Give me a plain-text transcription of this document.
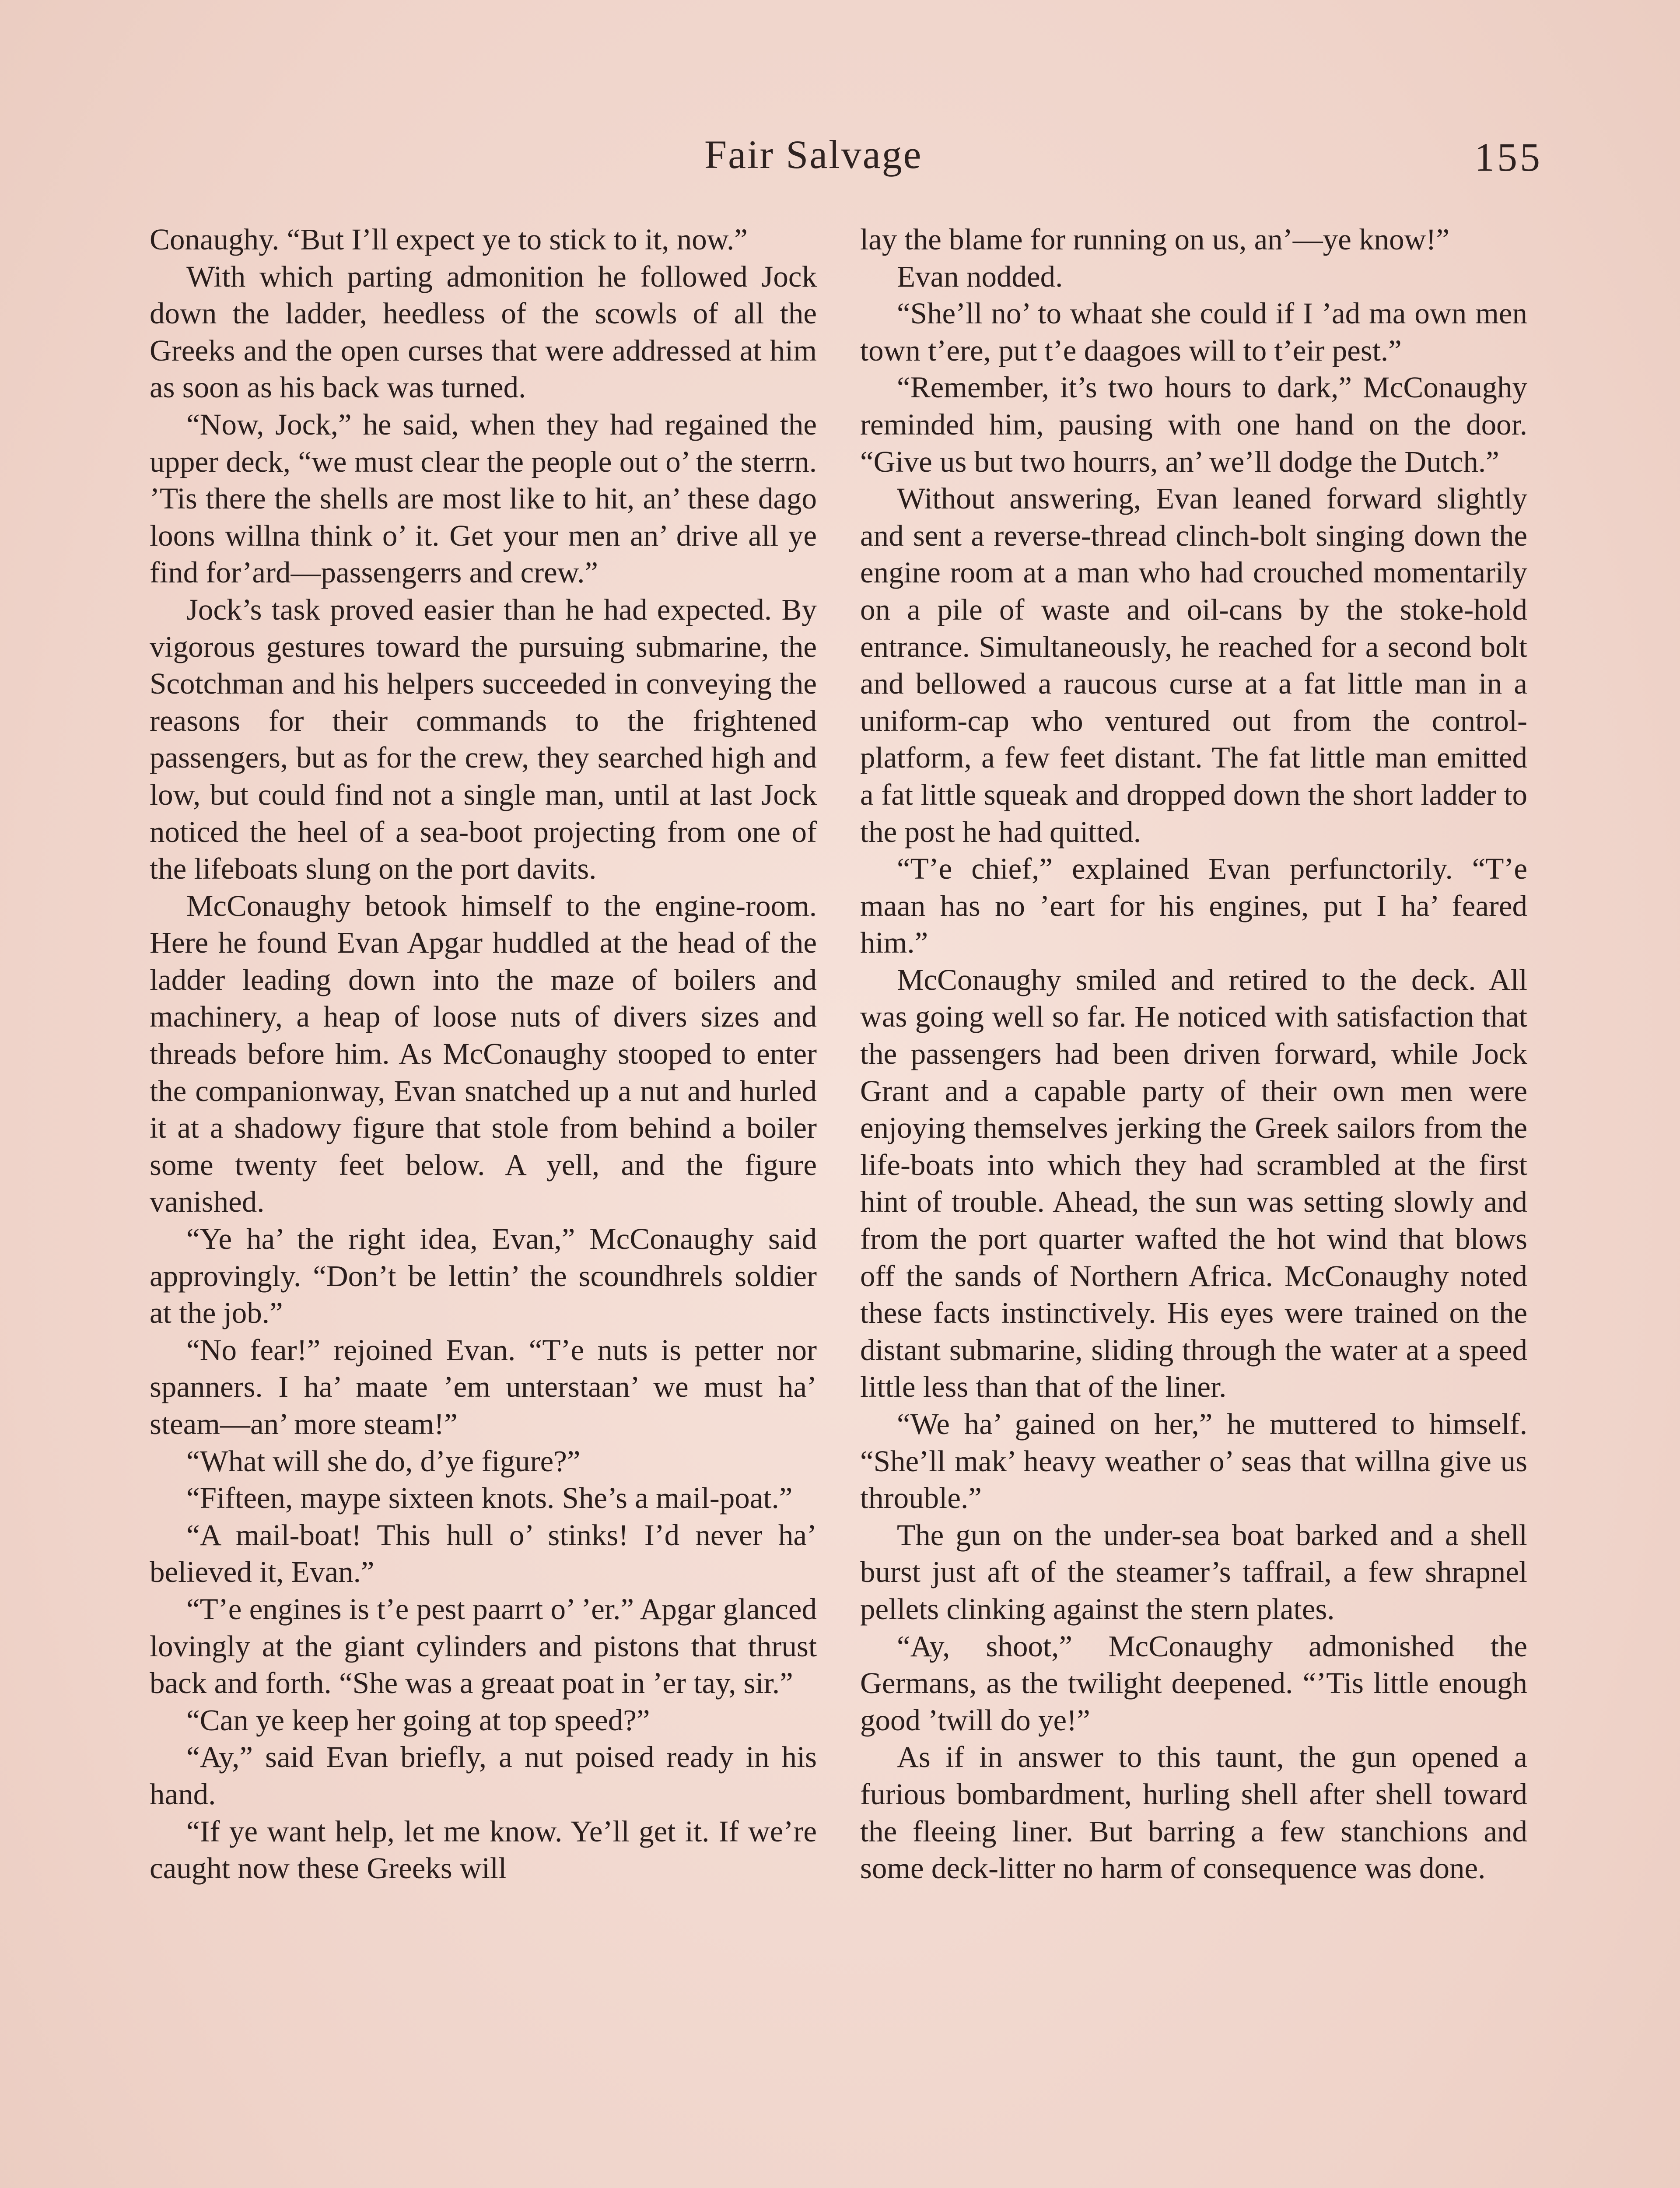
Fair Salvage	155

Conaughy. “But I’ll expect ye to stick to it, now.”

With which parting admonition he followed Jock down the ladder, heedless of the scowls of all the Greeks and the open curses that were addressed at him as soon as his back was turned.

“Now, Jock,” he said, when they had regained the upper deck, “we must clear the people out o’ the sterrn. ’Tis there the shells are most like to hit, an’ these dago loons willna think o’ it. Get your men an’ drive all ye find for’ard—passengerrs and crew.”

Jock’s task proved easier than he had expected. By vigorous gestures toward the pursuing submarine, the Scotchman and his helpers succeeded in conveying the reasons for their commands to the frightened passengers, but as for the crew, they searched high and low, but could find not a single man, until at last Jock noticed the heel of a sea-boot projecting from one of the lifeboats slung on the port davits.

McConaughy betook himself to the engine-room. Here he found Evan Apgar huddled at the head of the ladder leading down into the maze of boilers and machinery, a heap of loose nuts of divers sizes and threads before him. As McConaughy stooped to enter the companionway, Evan snatched up a nut and hurled it at a shadowy figure that stole from behind a boiler some twenty feet below. A yell, and the figure vanished.

“Ye ha’ the right idea, Evan,” McConaughy said approvingly. “Don’t be lettin’ the scoundhrels soldier at the job.”

“No fear!” rejoined Evan. “T’e nuts is petter nor spanners. I ha’ maate ’em unterstaan’ we must ha’ steam—an’ more steam!”

“What will she do, d’ye figure?”

“Fifteen, maype sixteen knots. She’s a mail-poat.”

“A mail-boat! This hull o’ stinks! I’d never ha’ believed it, Evan.”

“T’e engines is t’e pest paarrt o’ ’er.” Apgar glanced lovingly at the giant cylinders and pistons that thrust back and forth. “She was a greaat poat in ’er tay, sir.”

“Can ye keep her going at top speed?”

“Ay,” said Evan briefly, a nut poised ready in his hand.

“If ye want help, let me know. Ye’ll get it. If we’re caught now these Greeks will

lay the blame for running on us, an’—ye know!”

Evan nodded.

“She’ll no’ to whaat she could if I ’ad ma own men town t’ere, put t’e daagoes will to t’eir pest.”

“Remember, it’s two hours to dark,” McConaughy reminded him, pausing with one hand on the door. “Give us but two hourrs, an’ we’ll dodge the Dutch.”

Without answering, Evan leaned forward slightly and sent a reverse-thread clinch-bolt singing down the engine room at a man who had crouched momentarily on a pile of waste and oil-cans by the stoke-hold entrance. Simultaneously, he reached for a second bolt and bellowed a raucous curse at a fat little man in a uniform-cap who ventured out from the control-platform, a few feet distant. The fat little man emitted a fat little squeak and dropped down the short ladder to the post he had quitted.

“T’e chief,” explained Evan perfunctorily. “T’e maan has no ’eart for his engines, put I ha’ feared him.”

McConaughy smiled and retired to the deck. All was going well so far. He noticed with satisfaction that the passengers had been driven forward, while Jock Grant and a capable party of their own men were enjoying themselves jerking the Greek sailors from the life-boats into which they had scrambled at the first hint of trouble. Ahead, the sun was setting slowly and from the port quarter wafted the hot wind that blows off the sands of Northern Africa. McConaughy noted these facts instinctively. His eyes were trained on the distant submarine, sliding through the water at a speed little less than that of the liner.

“We ha’ gained on her,” he muttered to himself. “She’ll mak’ heavy weather o’ seas that willna give us throuble.”

The gun on the under-sea boat barked and a shell burst just aft of the steamer’s taffrail, a few shrapnel pellets clinking against the stern plates.

“Ay, shoot,” McConaughy admonished the Germans, as the twilight deepened. “’Tis little enough good ’twill do ye!”

As if in answer to this taunt, the gun opened a furious bombardment, hurling shell after shell toward the fleeing liner. But barring a few stanchions and some deck-litter no harm of consequence was done.
